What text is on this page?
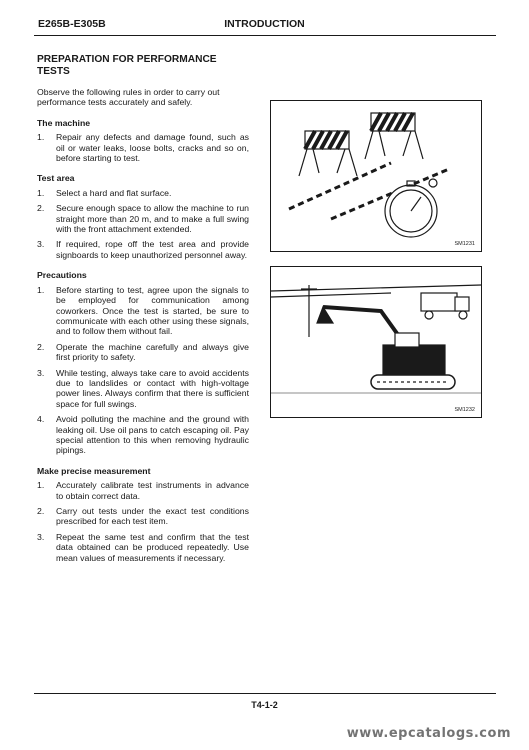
E265B-E305B	INTRODUCTION
PREPARATION FOR PERFORMANCE TESTS
Observe the following rules in order to carry out performance tests accurately and safely.
The machine
1.	Repair any defects and damage found, such as oil or water leaks, loose bolts, cracks and so on, before starting to test.
Test area
1.	Select a hard and flat surface.
2.	Secure enough space to allow the machine to run straight more than 20 m, and to make a full swing with the front attachment extended.
3.	If required, rope off the test area and provide signboards to keep unauthorized personnel away.
Precautions
1.	Before starting to test, agree upon the signals to be employed for communication among coworkers. Once the test is started, be sure to communicate with each other using these signals, and to follow them without fail.
2.	Operate the machine carefully and always give first priority to safety.
3.	While testing, always take care to avoid accidents due to landslides or contact with high-voltage power lines. Always confirm that there is sufficient space for full swings.
4.	Avoid polluting the machine and the ground with leaking oil. Use oil pans to catch escaping oil. Pay special attention to this when removing hydraulic pipings.
Make precise measurement
1.	Accurately calibrate test instruments in advance to obtain correct data.
2.	Carry out tests under the exact test conditions prescribed for each test item.
3.	Repeat the same test and confirm that the test data obtained can be produced repeatedly. Use mean values of measurements if necessary.
SM1231
SM1232
T4-1-2
www.epcatalogs.com
